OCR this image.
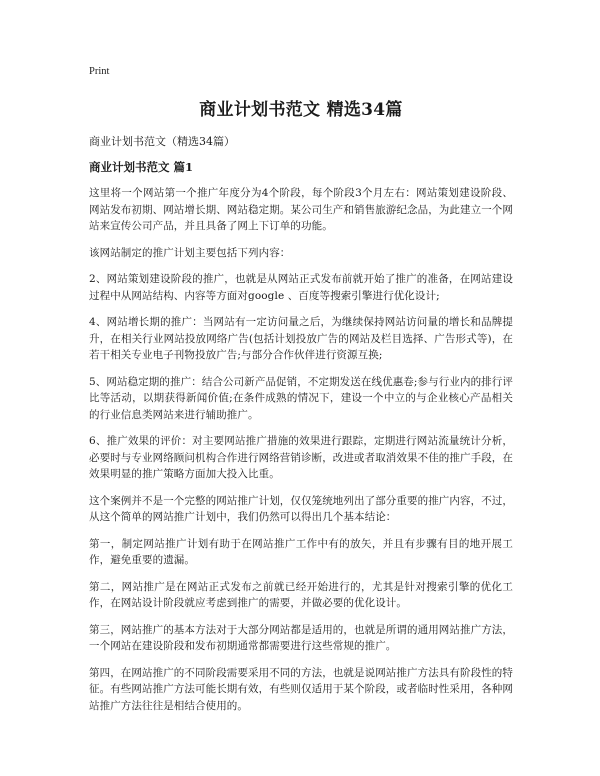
Print
商业计划书范文 精选34篇

商业计划书范文（精选34篇）

商业计划书范文 篇1

这里将一个网站第一个推广年度分为4个阶段，每个阶段3个月左右：网站策划建设阶段、网站发布初期、网站增长期、网站稳定期。某公司生产和销售旅游纪念品，为此建立一个网站来宣传公司产品，并且具备了网上下订单的功能。

该网站制定的推广计划主要包括下列内容：

2、网站策划建设阶段的推广，也就是从网站正式发布前就开始了推广的准备，在网站建设过程中从网站结构、内容等方面对google 、百度等搜索引擎进行优化设计;

4、网站增长期的推广：当网站有一定访问量之后，为继续保持网站访问量的增长和品牌提升，在相关行业网站投放网络广告(包括计划投放广告的网站及栏目选择、广告形式等)，在若干相关专业电子刊物投放广告;与部分合作伙伴进行资源互换;

5、网站稳定期的推广：结合公司新产品促销，不定期发送在线优惠卷;参与行业内的排行评比等活动，以期获得新闻价值;在条件成熟的情况下，建设一个中立的与企业核心产品相关的行业信息类网站来进行辅助推广。

6、推广效果的评价：对主要网站推广措施的效果进行跟踪，定期进行网站流量统计分析，必要时与专业网络顾问机构合作进行网络营销诊断，改进或者取消效果不佳的推广手段，在效果明显的推广策略方面加大投入比重。

这个案例并不是一个完整的网站推广计划，仅仅笼统地列出了部分重要的推广内容，不过，从这个简单的网站推广计划中，我们仍然可以得出几个基本结论：

第一，制定网站推广计划有助于在网站推广工作中有的放矢，并且有步骤有目的地开展工作，避免重要的遗漏。

第二，网站推广是在网站正式发布之前就已经开始进行的，尤其是针对搜索引擎的优化工作，在网站设计阶段就应考虑到推广的需要，并做必要的优化设计。

第三，网站推广的基本方法对于大部分网站都是适用的，也就是所谓的通用网站推广方法，一个网站在建设阶段和发布初期通常都需要进行这些常规的推广。

第四，在网站推广的不同阶段需要采用不同的方法，也就是说网站推广方法具有阶段性的特征。有些网站推广方法可能长期有效，有些则仅适用于某个阶段，或者临时性采用，各种网站推广方法往往是相结合使用的。
